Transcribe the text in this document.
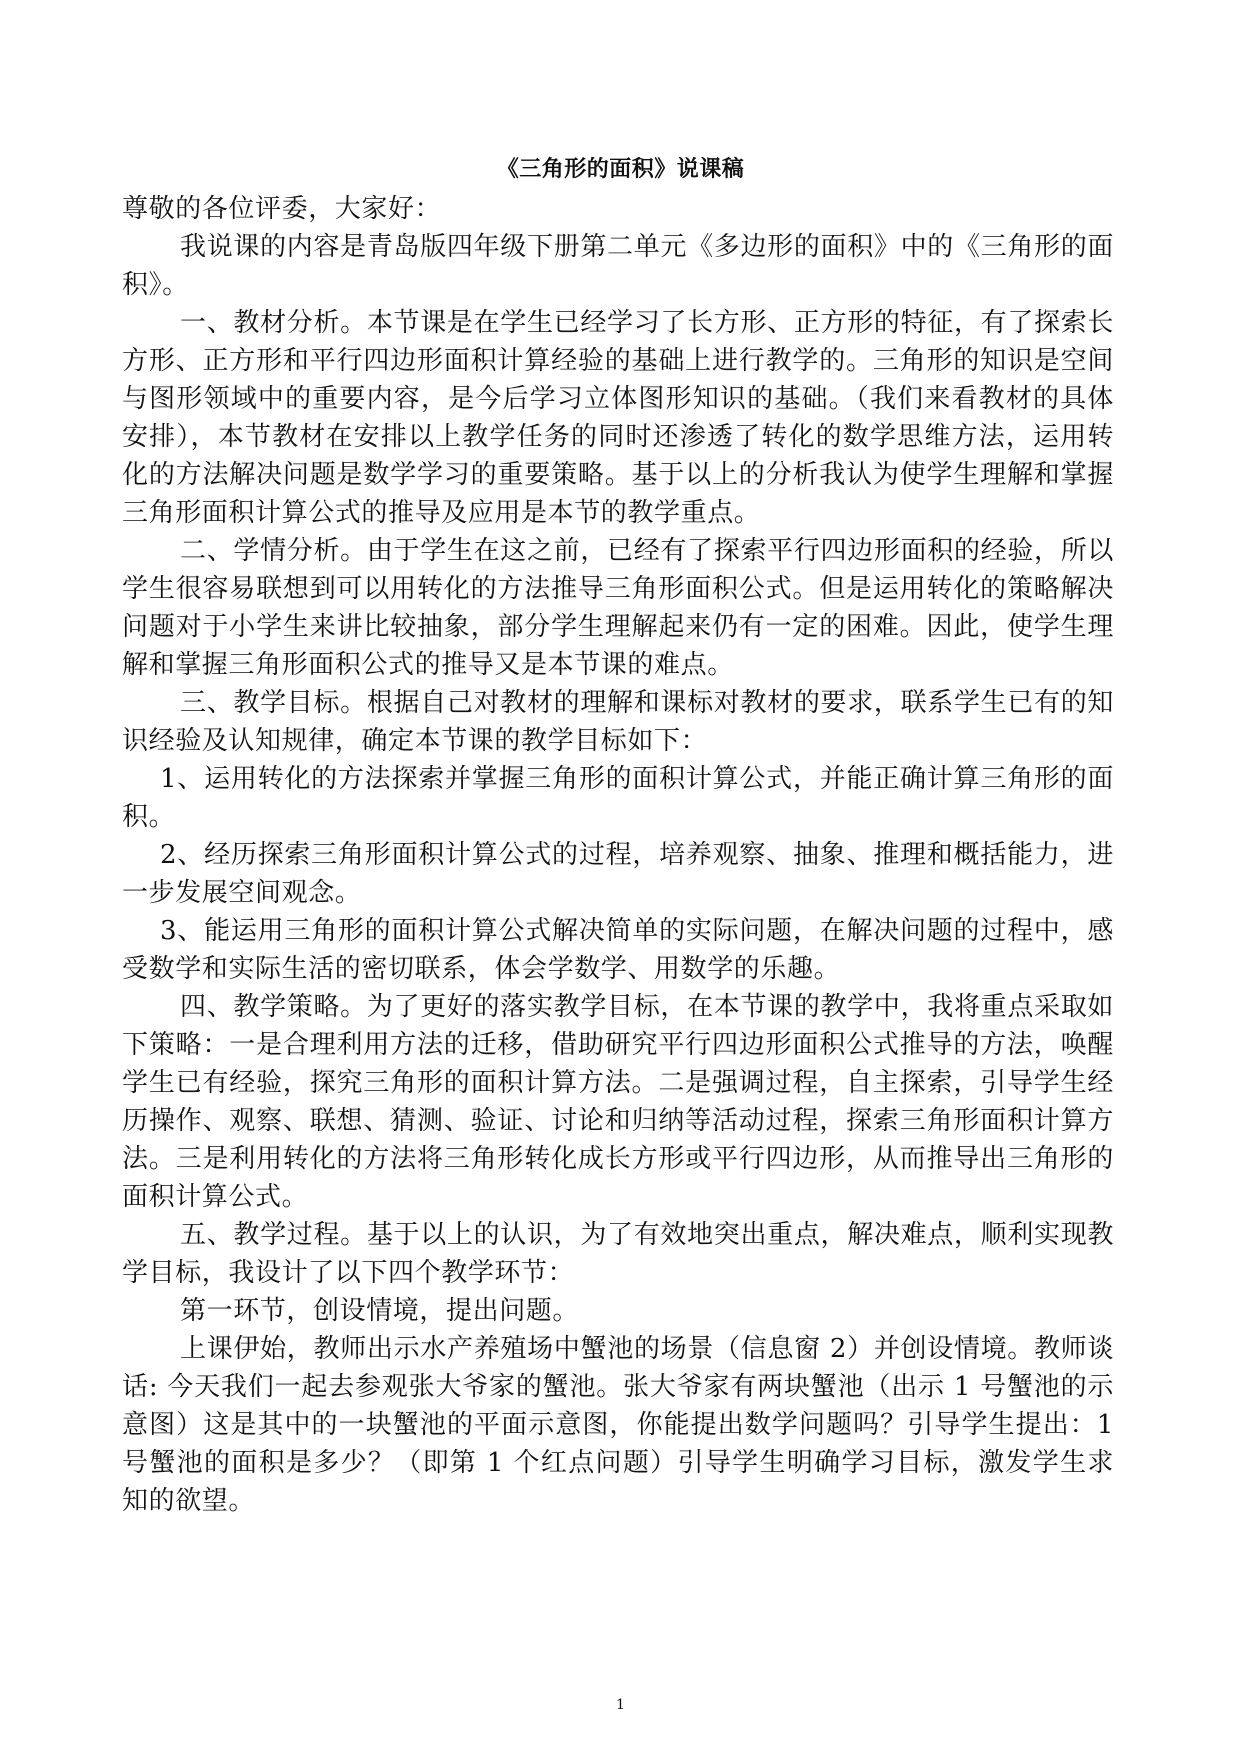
《三角形的面积》说课稿

尊敬的各位评委，大家好：

我说课的内容是青岛版四年级下册第二单元《多边形的面积》中的《三角形的面积》。

一、教材分析。本节课是在学生已经学习了长方形、正方形的特征，有了探索长方形、正方形和平行四边形面积计算经验的基础上进行教学的。三角形的知识是空间与图形领域中的重要内容，是今后学习立体图形知识的基础。（我们来看教材的具体安排），本节教材在安排以上教学任务的同时还渗透了转化的数学思维方法，运用转化的方法解决问题是数学学习的重要策略。基于以上的分析我认为使学生理解和掌握三角形面积计算公式的推导及应用是本节的教学重点。

二、学情分析。由于学生在这之前，已经有了探索平行四边形面积的经验，所以学生很容易联想到可以用转化的方法推导三角形面积公式。但是运用转化的策略解决问题对于小学生来讲比较抽象，部分学生理解起来仍有一定的困难。因此，使学生理解和掌握三角形面积公式的推导又是本节课的难点。

三、教学目标。根据自己对教材的理解和课标对教材的要求，联系学生已有的知识经验及认知规律，确定本节课的教学目标如下：

1、运用转化的方法探索并掌握三角形的面积计算公式，并能正确计算三角形的面积。

2、经历探索三角形面积计算公式的过程，培养观察、抽象、推理和概括能力，进一步发展空间观念。

3、能运用三角形的面积计算公式解决简单的实际问题，在解决问题的过程中，感受数学和实际生活的密切联系，体会学数学、用数学的乐趣。

四、教学策略。为了更好的落实教学目标，在本节课的教学中，我将重点采取如下策略：一是合理利用方法的迁移，借助研究平行四边形面积公式推导的方法，唤醒学生已有经验，探究三角形的面积计算方法。二是强调过程，自主探索，引导学生经历操作、观察、联想、猜测、验证、讨论和归纳等活动过程，探索三角形面积计算方法。三是利用转化的方法将三角形转化成长方形或平行四边形，从而推导出三角形的面积计算公式。

五、教学过程。基于以上的认识，为了有效地突出重点，解决难点，顺利实现教学目标，我设计了以下四个教学环节：

第一环节，创设情境，提出问题。

上课伊始，教师出示水产养殖场中蟹池的场景（信息窗 2）并创设情境。教师谈话: 今天我们一起去参观张大爷家的蟹池。张大爷家有两块蟹池（出示 1 号蟹池的示意图）这是其中的一块蟹池的平面示意图，你能提出数学问题吗？引导学生提出：1 号蟹池的面积是多少？（即第 1 个红点问题）引导学生明确学习目标，激发学生求知的欲望。

1
